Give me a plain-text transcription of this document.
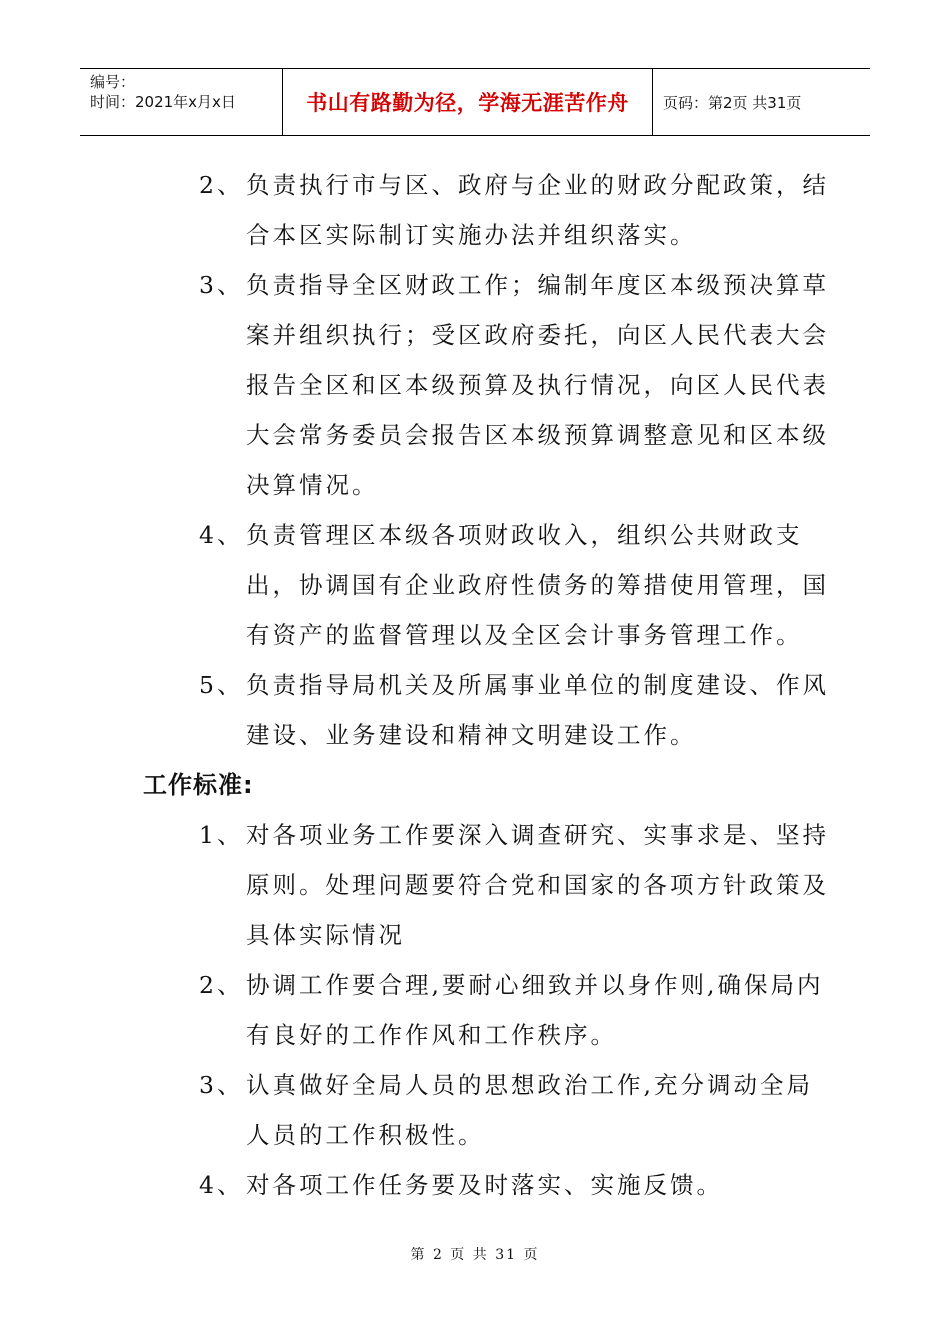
编号：
时间：2021年x月x日	书山有路勤为径，学海无涯苦作舟 页码：第2页 共31页
2、 负责执行市与区、政府与企业的财政分配政策，结合本区实际制订实施办法并组织落实。
3、 负责指导全区财政工作；编制年度区本级预决算草案并组织执行；受区政府委托，向区人民代表大会报告全区和区本级预算及执行情况，向区人民代表大会常务委员会报告区本级预算调整意见和区本级决算情况。
4、 负责管理区本级各项财政收入，组织公共财政支出，协调国有企业政府性债务的筹措使用管理，国有资产的监督管理以及全区会计事务管理工作。
5、 负责指导局机关及所属事业单位的制度建设、作风建设、业务建设和精神文明建设工作。
工作标准:
1、 对各项业务工作要深入调查研究、实事求是、坚持原则。处理问题要符合党和国家的各项方针政策及具体实际情况
2、 协调工作要合理,要耐心细致并以身作则,确保局内有良好的工作作风和工作秩序。
3、 认真做好全局人员的思想政治工作,充分调动全局人员的工作积极性。
4、 对各项工作任务要及时落实、实施反馈。
第 2 页 共 31 页
